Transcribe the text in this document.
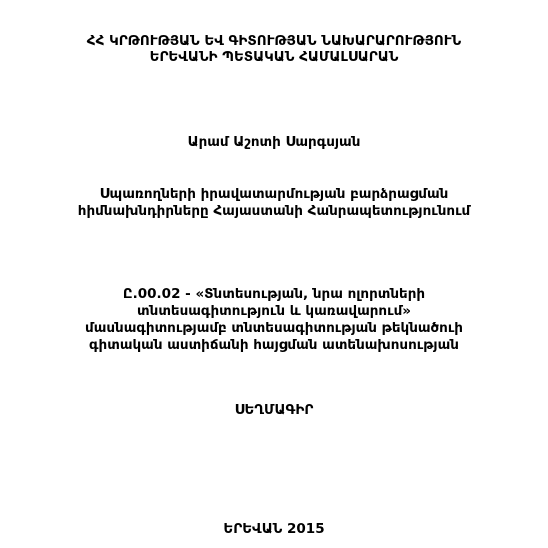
ՀՀ ԿՐԹՈՒԹՅԱՆ ԵՎ ԳԻՏՈՒԹՅԱՆ ՆԱԽԱՐԱՐՈՒԹՅՈՒՆ
ԵՐԵՎԱՆԻ ՊԵՏԱԿԱՆ ՀԱՄԱԼՍԱՐԱՆ
Արամ Աշոտի Սարգսյան
Սպառողների իրավատարմության բարձրացման
հիմնախնդիրները Հայաստանի Հանրապետությունում
Ը.00.02 - «Տնտեսության, նրա ոլորտների
տնտեսագիտություն և կառավարում»
մասնագիտությամբ տնտեսագիտության թեկնածուի
գիտական աստիճանի հայցման ատենախոսության
ՍԵՂՄԱԳԻՐ
ԵՐԵՎԱՆ 2015
